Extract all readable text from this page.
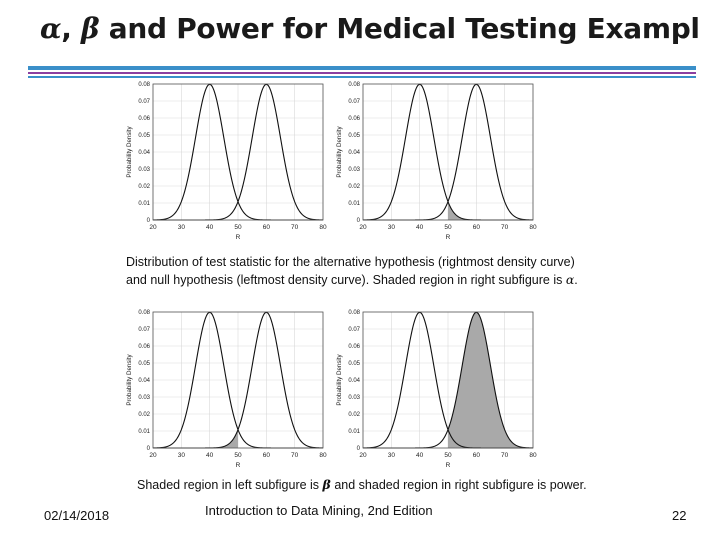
α, β and Power for Medical Testing Exampl
20	30	40	50	60	70	80
0
0.01
0.02
0.03
0.04
0.05
0.06
0.07
0.08
R
Probability Density
20	30	40	50	60	70	80
0
0.01
0.02
0.03
0.04
0.05
0.06
0.07
0.08
R
Probability Density
Distribution of test statistic for the alternative hypothesis (rightmost density curve)
and null hypothesis (leftmost density curve). Shaded region in right subfigure is α.
20	30	40	50	60	70	80
0
0.01
0.02
0.03
0.04
0.05
0.06
0.07
0.08
R
Probability Density
20	30	40	50	60	70	80
0
0.01
0.02
0.03
0.04
0.05
0.06
0.07
0.08
R
Probability Density
Shaded region in left subfigure is β and shaded region in right subfigure is power.
02/14/2018	Introduction to Data Mining, 2nd Edition	22
